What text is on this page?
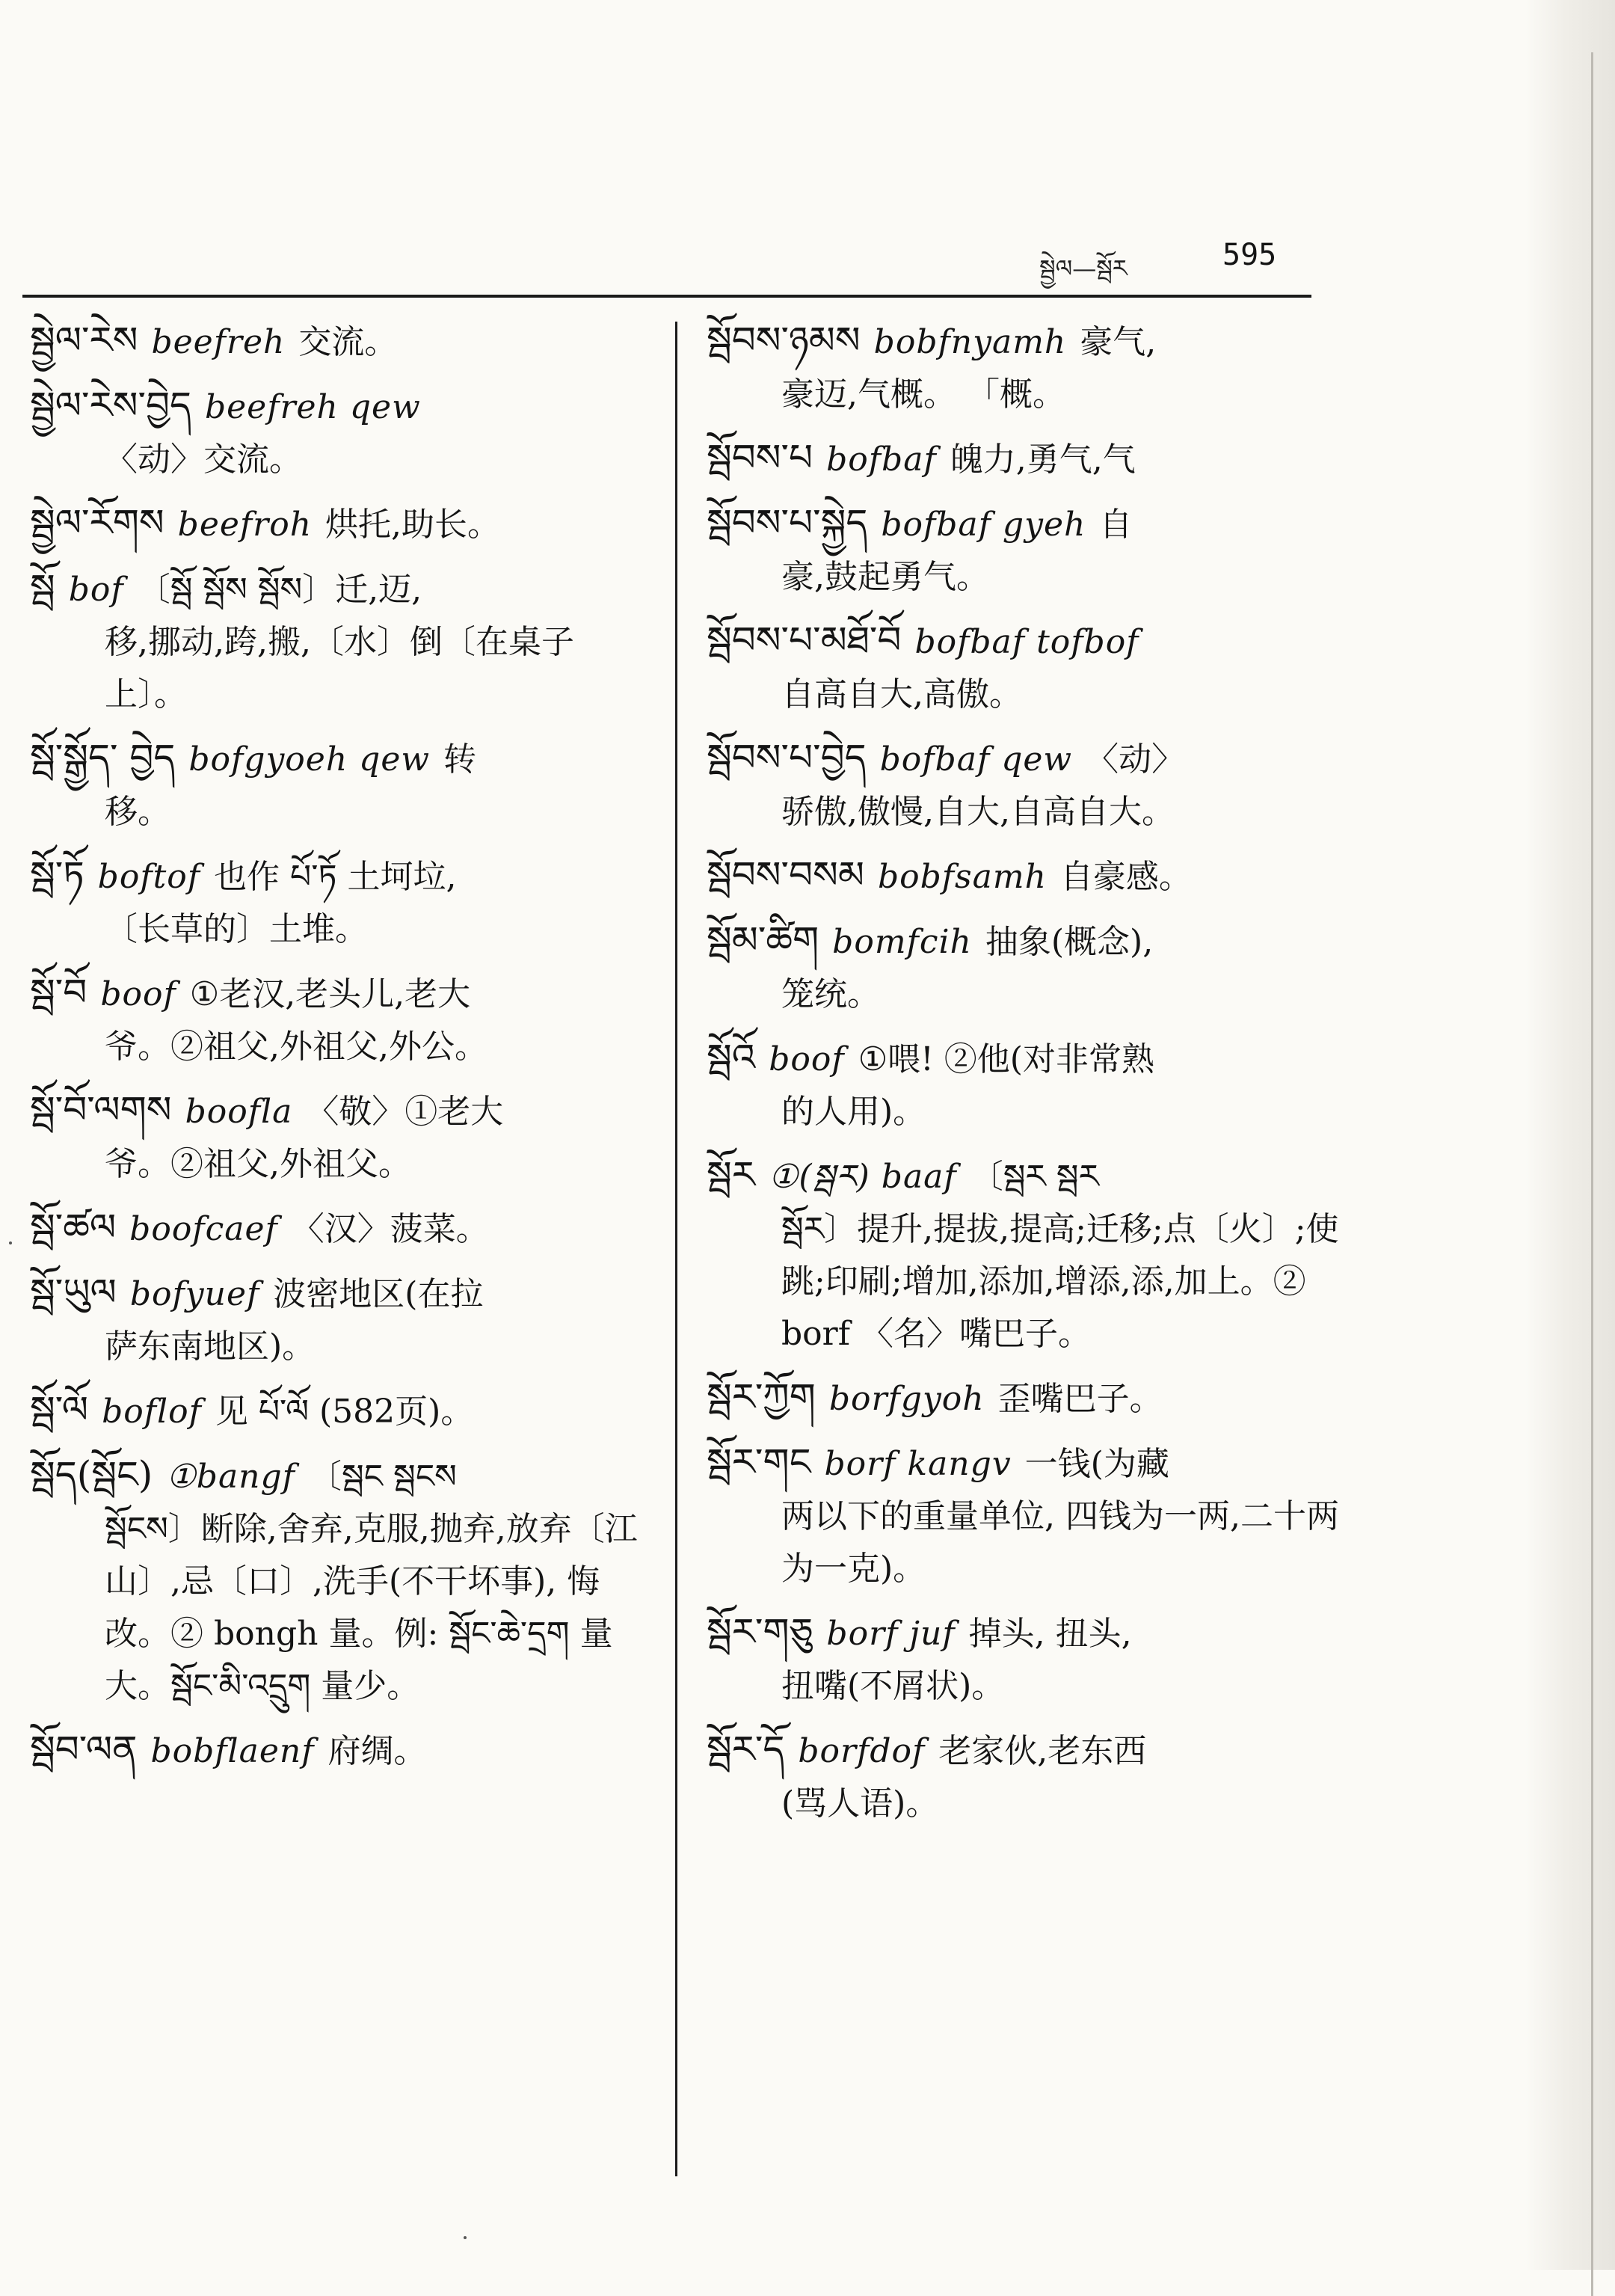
སྦྱེལ—སྦོར	595
སྦྱེལ་རེས beefreh 交流。
སྦྱེལ་རེས་བྱེད beefreh qew
〈动〉交流。
སྦྱེལ་རོགས beefroh 烘托,助长。
སྦོ bof 〔སྦོ སྦོས སྦོས〕迁,迈,
移,挪动,跨,搬,〔水〕倒〔在桌子上〕。
སྦོ་སྒྱོད་ བྱེད bofgyoeh qew 转
移。
སྦོ་ཏོ boftof 也作 པོ་ཏོ 土坷垃,
〔长草的〕土堆。
སྦོ་བོ boof ①老汉,老头儿,老大
爷。②祖父,外祖父,外公。
སྦོ་བོ་ལགས boofla 〈敬〉①老大
爷。②祖父,外祖父。
སྦོ་ཚལ boofcaef 〈汉〉菠菜。
སྦོ་ཡུལ bofyuef 波密地区(在拉
萨东南地区)。
སྦོ་ལོ boflof 见 པོ་ལོ (582页)。
སྦོད(སྦོང) ①bangf 〔སྦང སྦངས
སྦོངས〕断除,舍弃,克服,抛弃,放弃〔江山〕,忌〔口〕,洗手(不干坏事), 悔改。② bongh 量。例: སྦོང་ཆེ་དྲག 量大。སྦོང་མི་འདྲུག 量少。
སྦོབ་ལན bobflaenf 府绸。
སྦོབས་ཉམས bobfnyamh 豪气,
豪迈,气概。 「概。
སྦོབས་པ bofbaf 魄力,勇气,气
སྦོབས་པ་སྐྱེད bofbaf gyeh 自
豪,鼓起勇气。
སྦོབས་པ་མཐོ་བོ bofbaf tofbof
自高自大,高傲。
སྦོབས་པ་བྱེད bofbaf qew 〈动〉
骄傲,傲慢,自大,自高自大。
སྦོབས་བསམ bobfsamh 自豪感。
སྦོམ་ཚིག bomfcih 抽象(概念),
笼统。
སྦོའོ boof ①喂! ②他(对非常熟
的人用)。
སྦོར ①(སྦར) baaf 〔སྦར སྦར
སྦོར〕提升,提拔,提高;迁移;点〔火〕;使跳;印刷;增加,添加,增添,添,加上。② borf 〈名〉嘴巴子。
སྦོར་ཀྱོག borfgyoh 歪嘴巴子。
སྦོར་གང borf kangv 一钱(为藏
两以下的重量单位, 四钱为一两,二十两为一克)。
སྦོར་གཅུ borf juf 掉头, 扭头,
扭嘴(不屑状)。
སྦོར་དོ borfdof 老家伙,老东西
(骂人语)。
